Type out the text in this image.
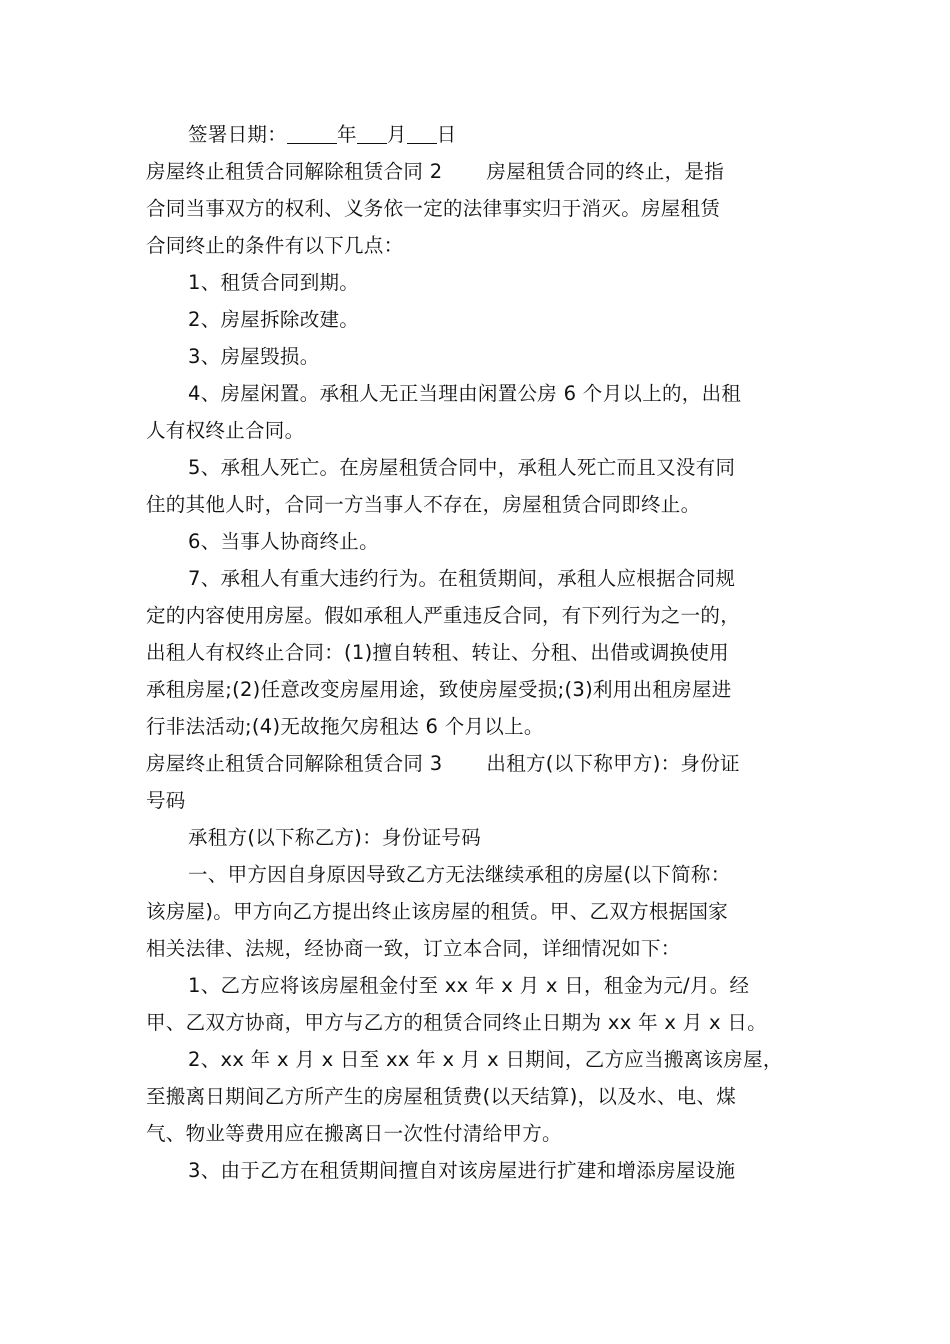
签署日期：	年 月 日
房屋终止租赁合同解除租赁合同 2 房屋租赁合同的终止，是指
合同当事双方的权利、义务依一定的法律事实归于消灭。房屋租赁
合同终止的条件有以下几点：
1、租赁合同到期。
2、房屋拆除改建。
3、房屋毁损。
4、房屋闲置。承租人无正当理由闲置公房 6 个月以上的，出租
人有权终止合同。
5、承租人死亡。在房屋租赁合同中，承租人死亡而且又没有同
住的其他人时，合同一方当事人不存在，房屋租赁合同即终止。
6、当事人协商终止。
7、承租人有重大违约行为。在租赁期间，承租人应根据合同规
定的内容使用房屋。假如承租人严重违反合同，有下列行为之一的，
出租人有权终止合同：(1)擅自转租、转让、分租、出借或调换使用
承租房屋;(2)任意改变房屋用途，致使房屋受损;(3)利用出租房屋进
行非法活动;(4)无故拖欠房租达 6 个月以上。
房屋终止租赁合同解除租赁合同 3 出租方(以下称甲方)：身份证
号码
承租方(以下称乙方)：身份证号码
一、甲方因自身原因导致乙方无法继续承租的房屋(以下简称：
该房屋)。甲方向乙方提出终止该房屋的租赁。甲、乙双方根据国家
相关法律、法规，经协商一致，订立本合同，详细情况如下：
1、乙方应将该房屋租金付至 xx 年 x 月 x 日，租金为元/月。经
甲、乙双方协商，甲方与乙方的租赁合同终止日期为 xx 年 x 月 x 日。
2、xx 年 x 月 x 日至 xx 年 x 月 x 日期间，乙方应当搬离该房屋，
至搬离日期间乙方所产生的房屋租赁费(以天结算)，以及水、电、煤
气、物业等费用应在搬离日一次性付清给甲方。
3、由于乙方在租赁期间擅自对该房屋进行扩建和增添房屋设施
